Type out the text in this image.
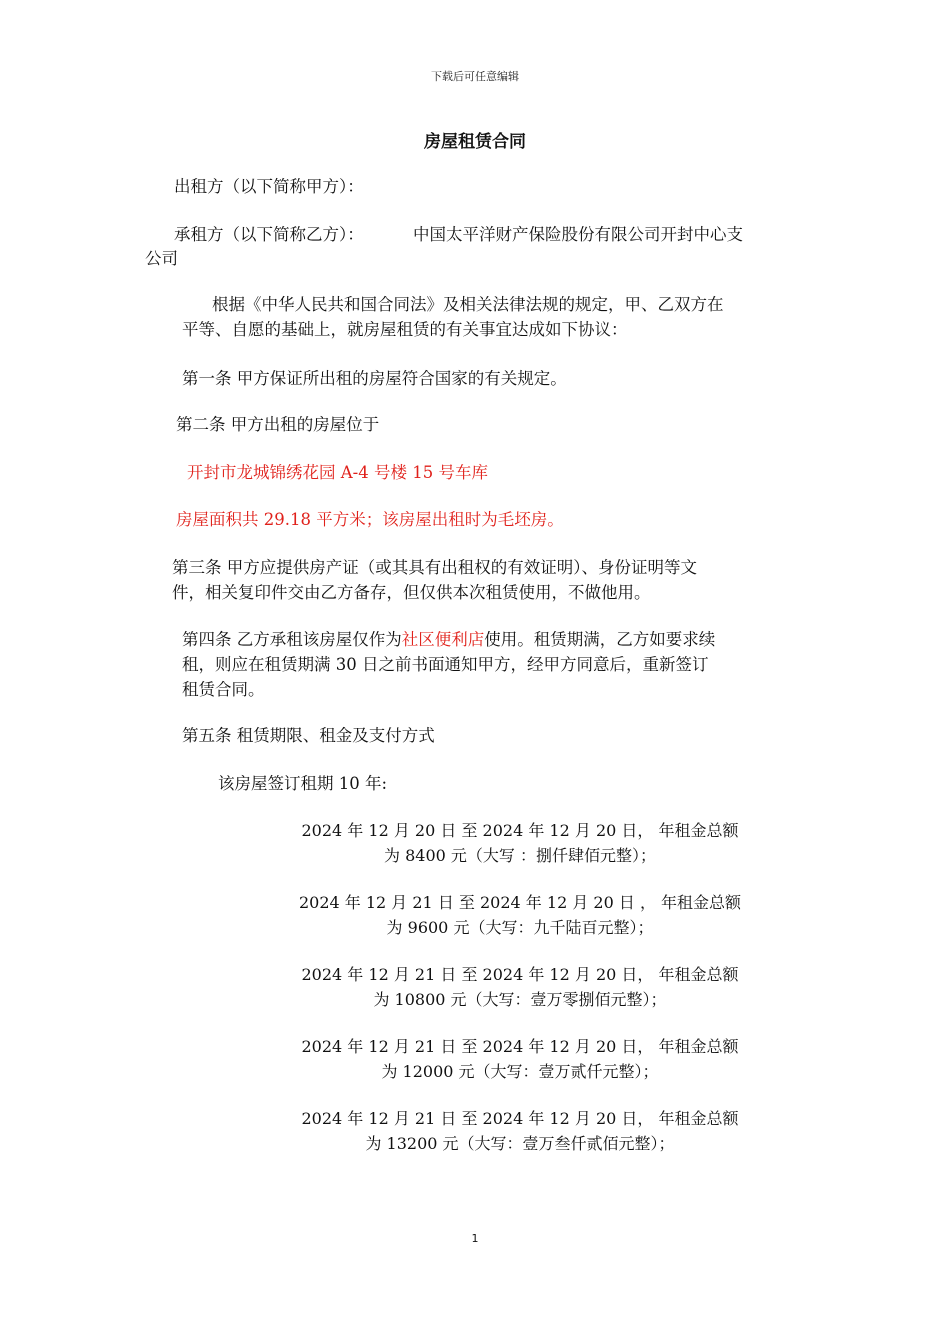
下载后可任意编辑
房屋租赁合同
出租方（以下简称甲方）：
承租方（以下简称乙方）：	中国太平洋财产保险股份有限公司开封中心支
公司
根据《中华人民共和国合同法》及相关法律法规的规定，甲、乙双方在
平等、自愿的基础上，就房屋租赁的有关事宜达成如下协议：
第一条 甲方保证所出租的房屋符合国家的有关规定。
第二条 甲方出租的房屋位于
开封市龙城锦绣花园 A-4 号楼 15 号车库
房屋面积共 29.18 平方米；该房屋出租时为毛坯房。
第三条 甲方应提供房产证（或其具有出租权的有效证明）、身份证明等文
件，相关复印件交由乙方备存，但仅供本次租赁使用，不做他用。
第四条 乙方承租该房屋仅作为社区便利店使用。租赁期满，乙方如要求续
租，则应在租赁期满 30 日之前书面通知甲方，经甲方同意后，重新签订
租赁合同。
第五条 租赁期限、租金及支付方式
该房屋签订租期 10 年:
2024 年 12 月 20 日 至 2024 年 12 月 20 日， 年租金总额
为 8400 元（大写 ：捌仟肆佰元整）；
2024 年 12 月 21 日 至 2024 年 12 月 20 日 ， 年租金总额
为 9600 元（大写：九千陆百元整）；
2024 年 12 月 21 日 至 2024 年 12 月 20 日， 年租金总额
为 10800 元（大写：壹万零捌佰元整）；
2024 年 12 月 21 日 至 2024 年 12 月 20 日， 年租金总额
为 12000 元（大写：壹万贰仟元整）；
2024 年 12 月 21 日 至 2024 年 12 月 20 日， 年租金总额
为 13200 元（大写：壹万叁仟贰佰元整）；
1
